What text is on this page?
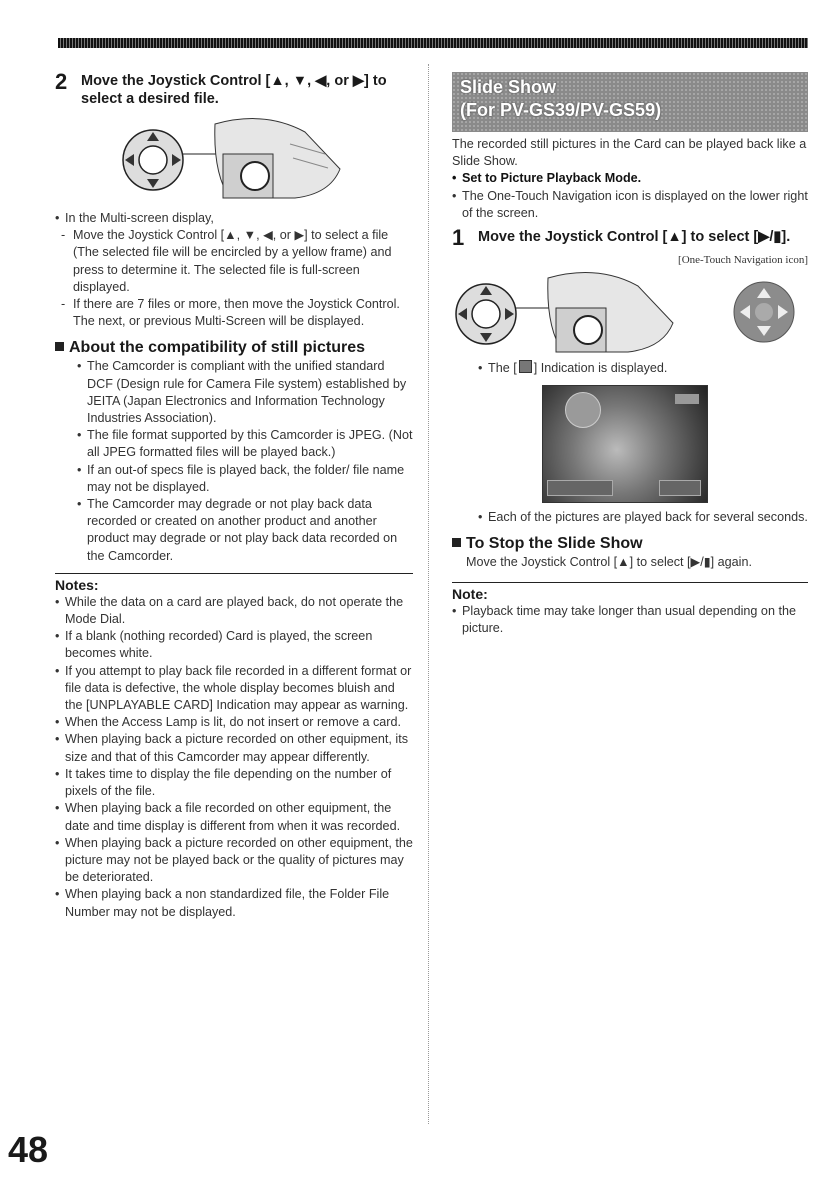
2 Move the Joystick Control [▲, ▼, ◀, or ▶] to select a desired file.
• In the Multi-screen display,
- Move the Joystick Control [▲, ▼, ◀, or ▶] to select a file (The selected file will be encircled by a yellow frame) and press to determine it. The selected file is full-screen displayed.
- If there are 7 files or more, then move the Joystick Control. The next, or previous Multi-Screen will be displayed.
About the compatibility of still pictures
• The Camcorder is compliant with the unified standard DCF (Design rule for Camera File system) established by JEITA (Japan Electronics and Information Technology Industries Association).
• The file format supported by this Camcorder is JPEG. (Not all JPEG formatted files will be played back.)
• If an out-of specs file is played back, the folder/ file name may not be displayed.
• The Camcorder may degrade or not play back data recorded or created on another product and another product may degrade or not play back data recorded on the Camcorder.
Notes:
• While the data on a card are played back, do not operate the Mode Dial.
• If a blank (nothing recorded) Card is played, the screen becomes white.
• If you attempt to play back file recorded in a different format or file data is defective, the whole display becomes bluish and the [UNPLAYABLE CARD] Indication may appear as warning.
• When the Access Lamp is lit, do not insert or remove a card.
• When playing back a picture recorded on other equipment, its size and that of this Camcorder may appear differently.
• It takes time to display the file depending on the number of pixels of the file.
• When playing back a file recorded on other equipment, the date and time display is different from when it was recorded.
• When playing back a picture recorded on other equipment, the picture may not be played back or the quality of pictures may be deteriorated.
• When playing back a non standardized file, the Folder File Number may not be displayed.
Slide Show
(For PV-GS39/PV-GS59)
The recorded still pictures in the Card can be played back like a Slide Show.
• Set to Picture Playback Mode.
• The One-Touch Navigation icon is displayed on the lower right of the screen.
1 Move the Joystick Control [▲] to select [▶/▮].
[One-Touch Navigation icon]
• The [ ] Indication is displayed.
• Each of the pictures are played back for several seconds.
To Stop the Slide Show
Move the Joystick Control [▲] to select [▶/▮] again.
Note:
• Playback time may take longer than usual depending on the picture.
48
